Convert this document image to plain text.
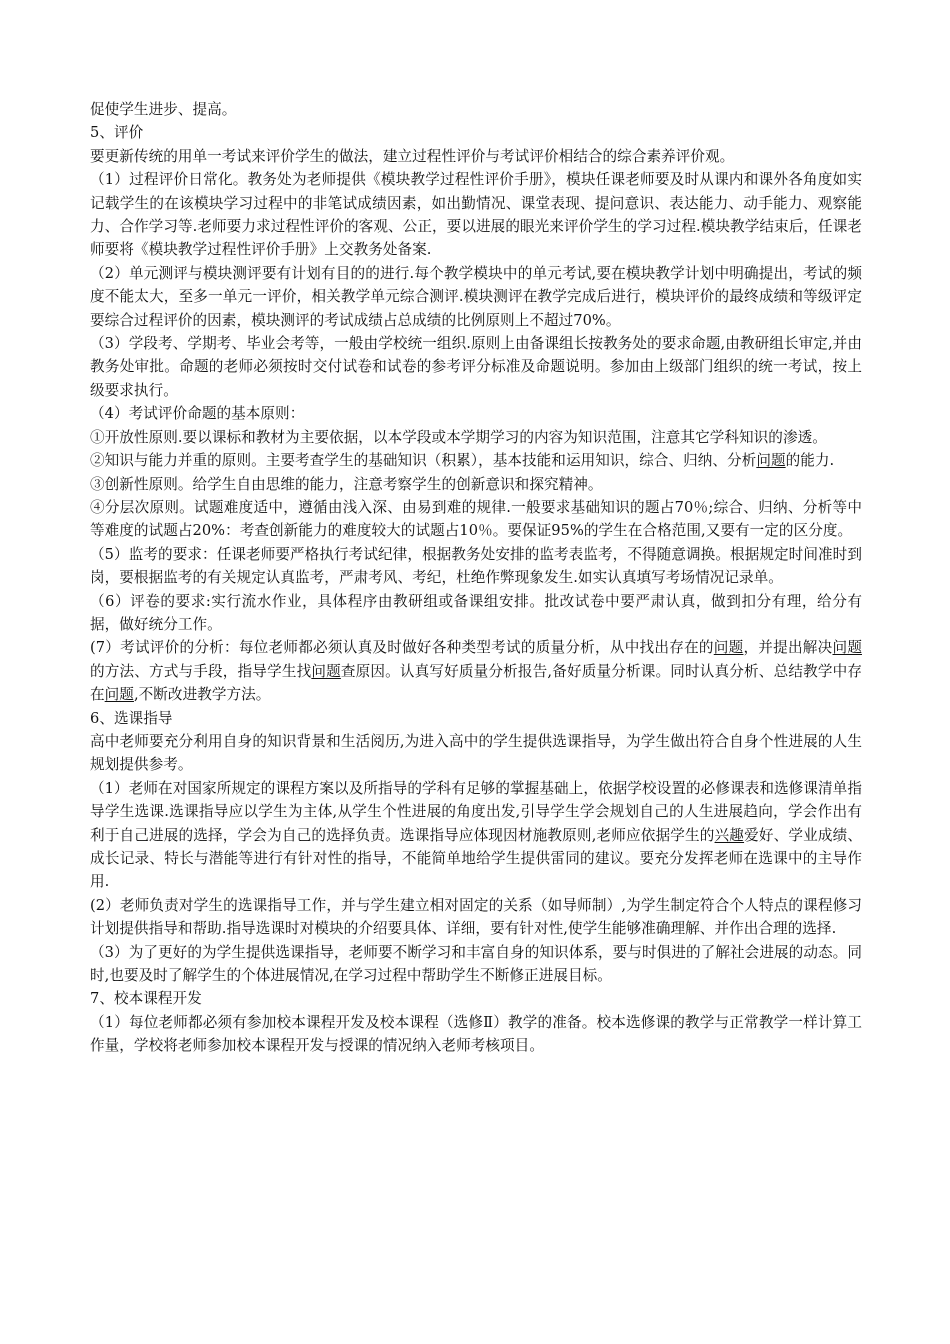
促使学生进步、提高。

5、评价

要更新传统的用单一考试来评价学生的做法，建立过程性评价与考试评价相结合的综合素养评价观。

（1）过程评价日常化。教务处为老师提供《模块教学过程性评价手册》，模块任课老师要及时从课内和课外各角度如实记载学生的在该模块学习过程中的非笔试成绩因素，如出勤情况、课堂表现、提问意识、表达能力、动手能力、观察能力、合作学习等.老师要力求过程性评价的客观、公正，要以进展的眼光来评价学生的学习过程.模块教学结束后，任课老师要将《模块教学过程性评价手册》上交教务处备案.

（2）单元测评与模块测评要有计划有目的的进行.每个教学模块中的单元考试,要在模块教学计划中明确提出，考试的频度不能太大，至多一单元一评价，相关教学单元综合测评.模块测评在教学完成后进行，模块评价的最终成绩和等级评定要综合过程评价的因素，模块测评的考试成绩占总成绩的比例原则上不超过70%。

（3）学段考、学期考、毕业会考等，一般由学校统一组织.原则上由备课组长按教务处的要求命题,由教研组长审定,并由教务处审批。命题的老师必须按时交付试卷和试卷的参考评分标准及命题说明。参加由上级部门组织的统一考试，按上级要求执行。

（4）考试评价命题的基本原则：

①开放性原则.要以课标和教材为主要依据，以本学段或本学期学习的内容为知识范围，注意其它学科知识的渗透。

②知识与能力并重的原则。主要考查学生的基础知识（积累），基本技能和运用知识，综合、归纳、分析问题的能力.

③创新性原则。给学生自由思维的能力，注意考察学生的创新意识和探究精神。

④分层次原则。试题难度适中，遵循由浅入深、由易到难的规律.一般要求基础知识的题占70％;综合、归纳、分析等中等难度的试题占20%：考查创新能力的难度较大的试题占10％。要保证95%的学生在合格范围,又要有一定的区分度。

（5）监考的要求：任课老师要严格执行考试纪律，根据教务处安排的监考表监考，不得随意调换。根据规定时间准时到岗，要根据监考的有关规定认真监考，严肃考风、考纪，杜绝作弊现象发生.如实认真填写考场情况记录单。

（6）评卷的要求:实行流水作业，具体程序由教研组或备课组安排。批改试卷中要严肃认真，做到扣分有理，给分有据，做好统分工作。

(7）考试评价的分析：每位老师都必须认真及时做好各种类型考试的质量分析，从中找出存在的问题，并提出解决问题的方法、方式与手段，指导学生找问题查原因。认真写好质量分析报告,备好质量分析课。同时认真分析、总结教学中存在问题,不断改进教学方法。

6、选课指导

高中老师要充分利用自身的知识背景和生活阅历,为进入高中的学生提供选课指导，为学生做出符合自身个性进展的人生规划提供参考。

（1）老师在对国家所规定的课程方案以及所指导的学科有足够的掌握基础上，依据学校设置的必修课表和选修课清单指导学生选课.选课指导应以学生为主体,从学生个性进展的角度出发,引导学生学会规划自己的人生进展趋向，学会作出有利于自己进展的选择，学会为自己的选择负责。选课指导应体现因材施教原则,老师应依据学生的兴趣爱好、学业成绩、成长记录、特长与潜能等进行有针对性的指导，不能简单地给学生提供雷同的建议。要充分发挥老师在选课中的主导作用.

(2）老师负责对学生的选课指导工作，并与学生建立相对固定的关系（如导师制）,为学生制定符合个人特点的课程修习计划提供指导和帮助.指导选课时对模块的介绍要具体、详细，要有针对性,使学生能够准确理解、并作出合理的选择.

（3）为了更好的为学生提供选课指导，老师要不断学习和丰富自身的知识体系，要与时俱进的了解社会进展的动态。同时,也要及时了解学生的个体进展情况,在学习过程中帮助学生不断修正进展目标。

7、校本课程开发

（1）每位老师都必须有参加校本课程开发及校本课程（选修Ⅱ）教学的准备。校本选修课的教学与正常教学一样计算工作量，学校将老师参加校本课程开发与授课的情况纳入老师考核项目。
